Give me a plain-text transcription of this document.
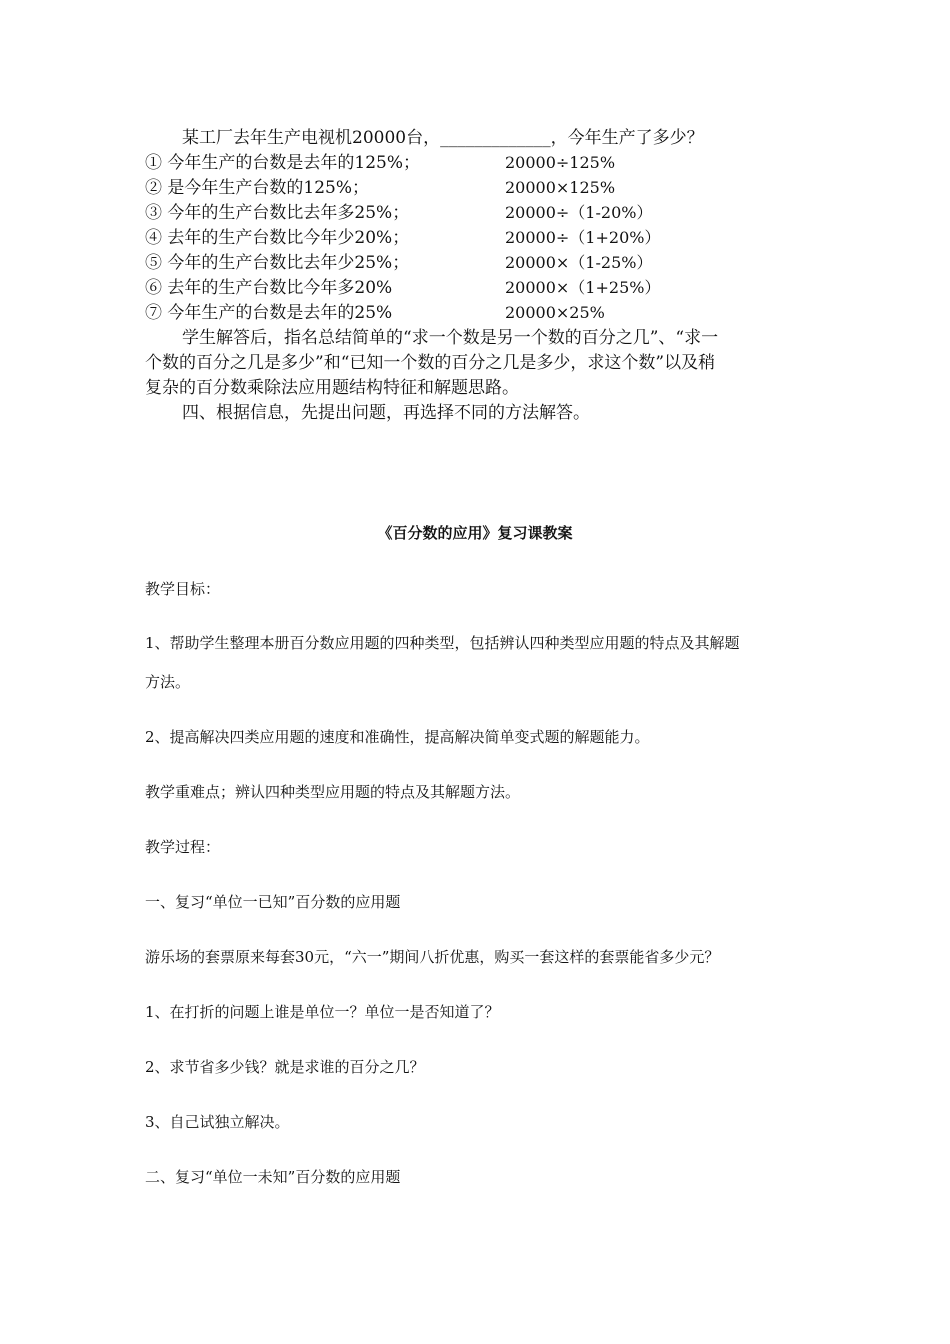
某工厂去年生产电视机20000台，_____________，今年生产了多少？
① 今年生产的台数是去年的125%；	20000÷125%
② 是今年生产台数的125%；	20000×125%
③ 今年的生产台数比去年多25%；	20000÷（1-20%）
④ 去年的生产台数比今年少20%；	20000÷（1+20%）
⑤ 今年的生产台数比去年少25%；	20000×（1-25%）
⑥ 去年的生产台数比今年多20%	20000×（1+25%）
⑦ 今年生产的台数是去年的25%	20000×25%
学生解答后，指名总结简单的“求一个数是另一个数的百分之几”、“求一
个数的百分之几是多少”和“已知一个数的百分之几是多少，求这个数”以及稍
复杂的百分数乘除法应用题结构特征和解题思路。
四、根据信息，先提出问题，再选择不同的方法解答。
《百分数的应用》复习课教案
教学目标：
1、帮助学生整理本册百分数应用题的四种类型，包括辨认四种类型应用题的特点及其解题
方法。
2、提高解决四类应用题的速度和准确性，提高解决简单变式题的解题能力。
教学重难点；辨认四种类型应用题的特点及其解题方法。
教学过程：
一、复习“单位一已知”百分数的应用题
游乐场的套票原来每套30元，“六一”期间八折优惠，购买一套这样的套票能省多少元？
1、在打折的问题上谁是单位一？单位一是否知道了？
2、求节省多少钱？就是求谁的百分之几？
3、自己试独立解决。
二、复习“单位一未知”百分数的应用题
